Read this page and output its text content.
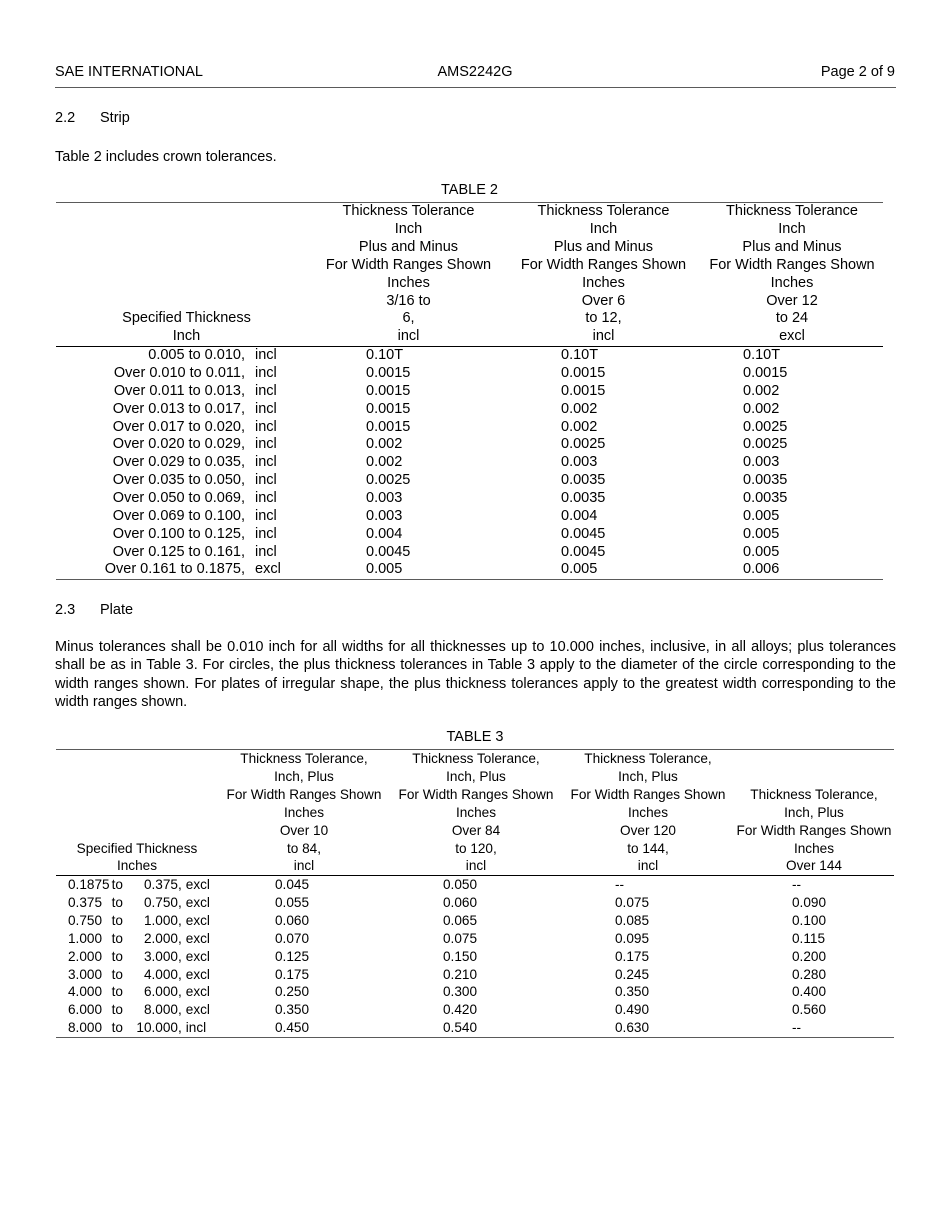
SAE INTERNATIONAL	AMS2242G	Page 2 of 9
2.2 Strip
Table 2 includes crown tolerances.
TABLE 2
Specified Thickness
Inch

Thickness Tolerance
Inch
Plus and Minus
For Width Ranges Shown
Inches
3/16 to
6,
incl

Thickness Tolerance
Inch
Plus and Minus
For Width Ranges Shown
Inches
Over 6
to 12,
incl

Thickness Tolerance
Inch
Plus and Minus
For Width Ranges Shown
Inches
Over 12
to 24
excl

0.005 to 0.010, incl	0.10T	0.10T	0.10T

Over 0.010 to 0.011, incl	0.0015	0.0015	0.0015

Over 0.011 to 0.013, incl	0.0015	0.0015	0.002

Over 0.013 to 0.017, incl	0.0015	0.002	0.002

Over 0.017 to 0.020, incl	0.0015	0.002	0.0025

Over 0.020 to 0.029, incl	0.002	0.0025	0.0025

Over 0.029 to 0.035, incl	0.002	0.003	0.003

Over 0.035 to 0.050, incl	0.0025	0.0035	0.0035

Over 0.050 to 0.069, incl	0.003	0.0035	0.0035

Over 0.069 to 0.100, incl	0.003	0.004	0.005

Over 0.100 to 0.125, incl	0.004	0.0045	0.005

Over 0.125 to 0.161, incl	0.0045	0.0045	0.005

Over 0.161 to 0.1875, excl	0.005	0.005	0.006
2.3 Plate
Minus tolerances shall be 0.010 inch for all widths for all thicknesses up to 10.000 inches, inclusive, in all alloys; plus tolerances shall be as in Table 3. For circles, the plus thickness tolerances in Table 3 apply to the diameter of the circle corresponding to the width ranges shown. For plates of irregular shape, the plus thickness tolerances apply to the greatest width corresponding to the width ranges shown.
TABLE 3
Specified Thickness
Inches

Thickness Tolerance,
Inch, Plus
For Width Ranges Shown
Inches
Over 10
to 84,
incl

Thickness Tolerance,
Inch, Plus
For Width Ranges Shown
Inches
Over 84
to 120,
incl

Thickness Tolerance,
Inch, Plus
For Width Ranges Shown
Inches
Over 120
to 144,
incl

Thickness Tolerance,
Inch, Plus
For Width Ranges Shown
Inches
Over 144

0.1875 to 0.375, excl	0.045	0.050	--	--

0.375 to 0.750, excl	0.055	0.060	0.075	0.090

0.750 to 1.000, excl	0.060	0.065	0.085	0.100

1.000 to 2.000, excl	0.070	0.075	0.095	0.115

2.000 to 3.000, excl	0.125	0.150	0.175	0.200

3.000 to 4.000, excl	0.175	0.210	0.245	0.280

4.000 to 6.000, excl	0.250	0.300	0.350	0.400

6.000 to 8.000, excl	0.350	0.420	0.490	0.560

8.000 to 10.000, incl	0.450	0.540	0.630	--
